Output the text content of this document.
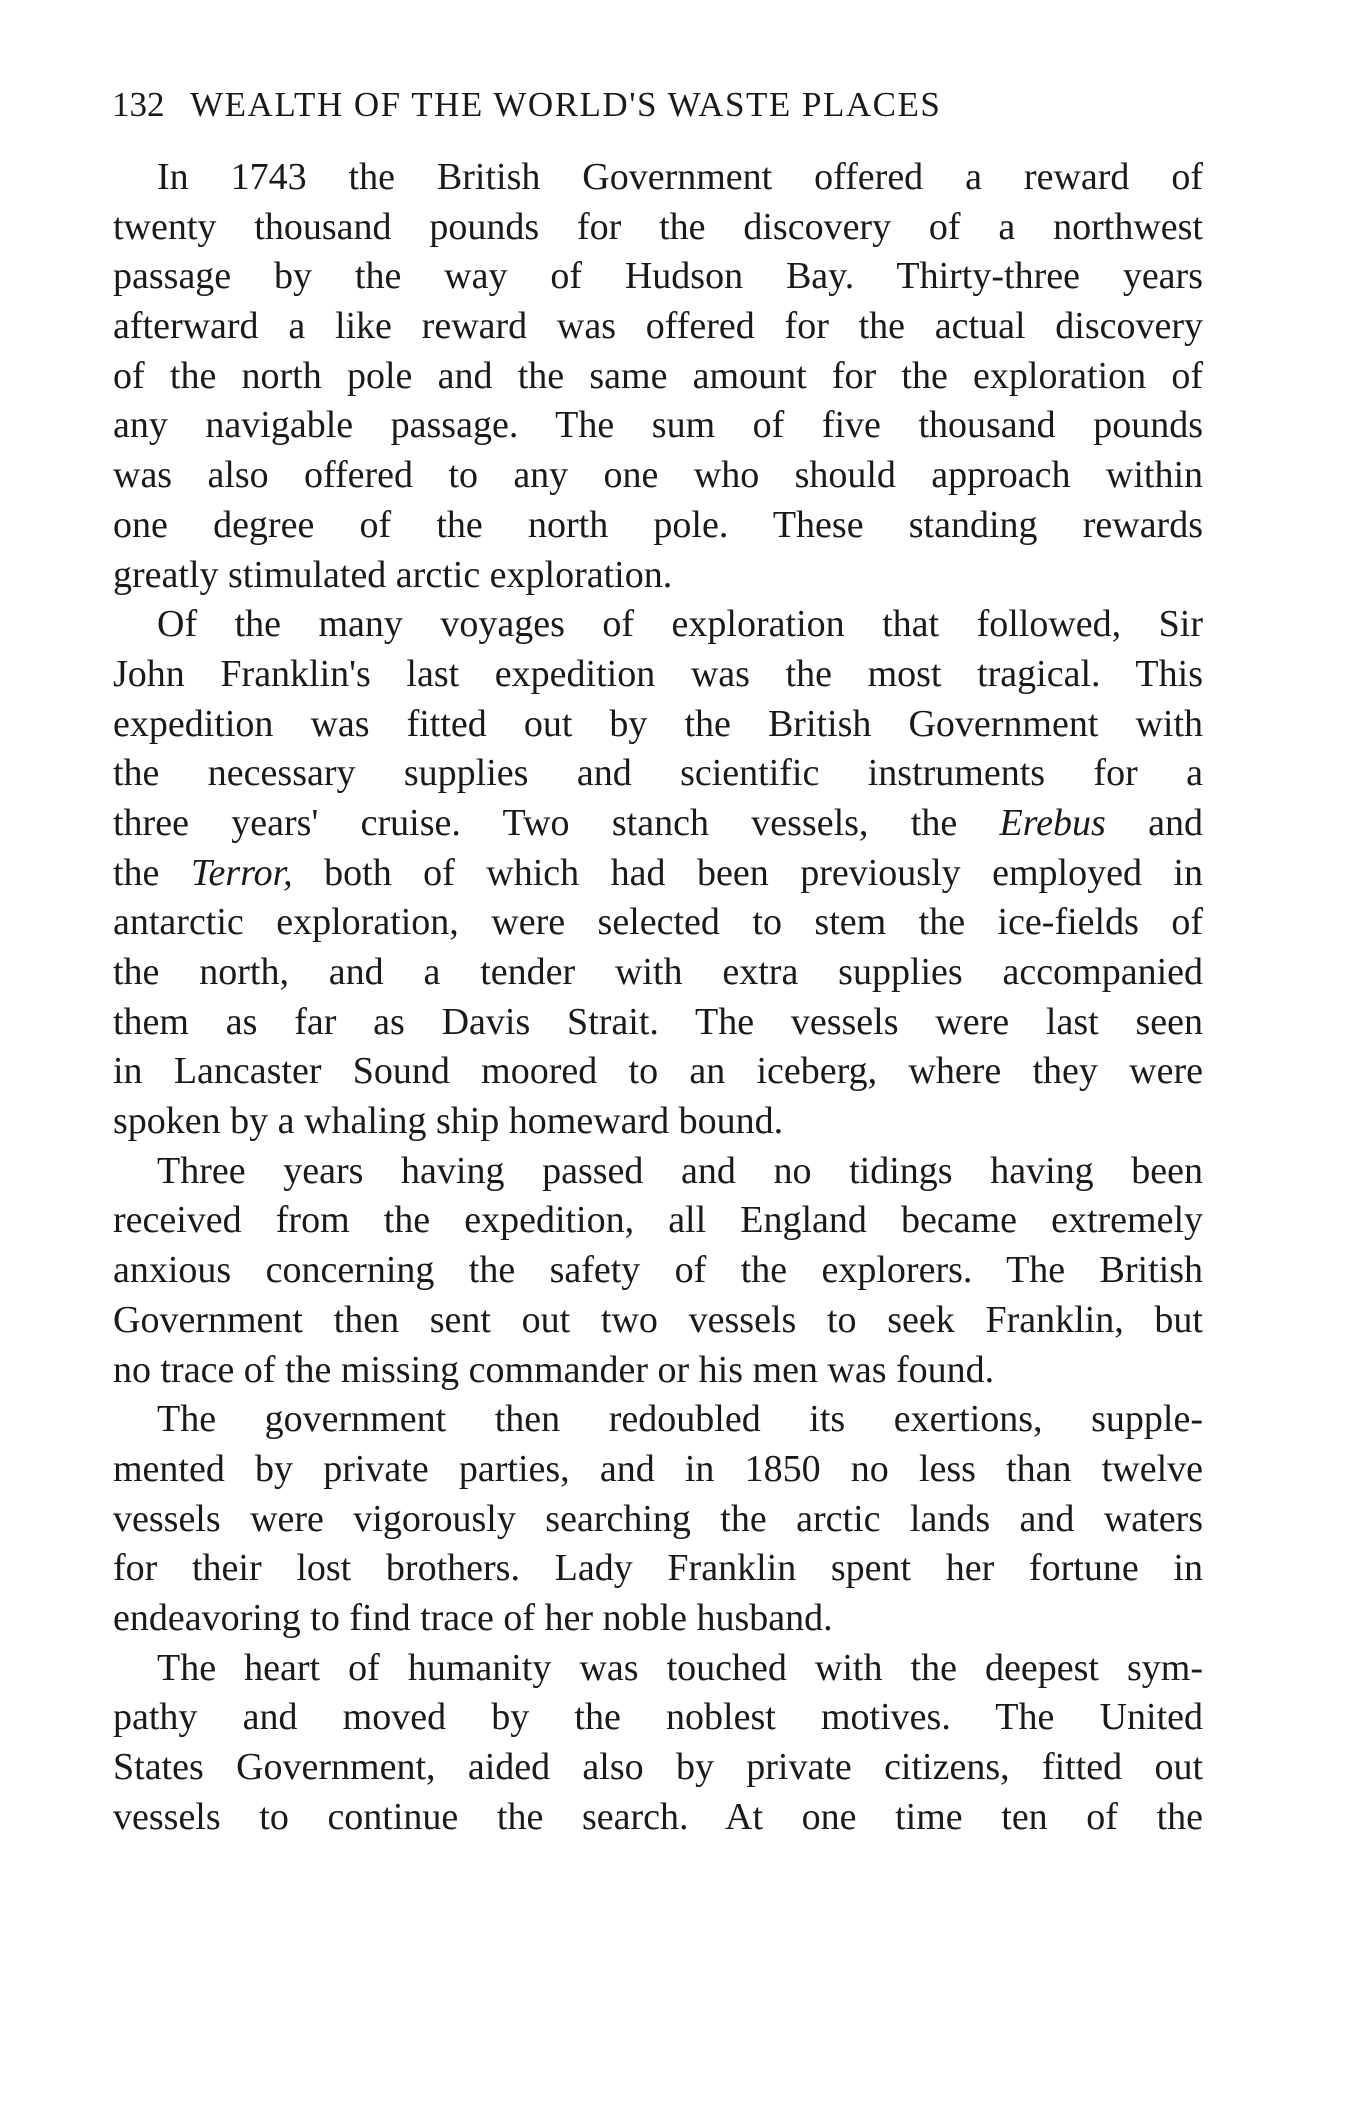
132 WEALTH OF THE WORLD'S WASTE PLACES

In 1743 the British Government offered a reward of
twenty thousand pounds for the discovery of a northwest
passage by the way of Hudson Bay. Thirty-three years
afterward a like reward was offered for the actual discovery
of the north pole and the same amount for the exploration of
any navigable passage. The sum of five thousand pounds
was also offered to any one who should approach within
one degree of the north pole. These standing rewards
greatly stimulated arctic exploration.

Of the many voyages of exploration that followed, Sir
John Franklin's last expedition was the most tragical. This
expedition was fitted out by the British Government with
the necessary supplies and scientific instruments for a
three years' cruise. Two stanch vessels, the Erebus and
the Terror, both of which had been previously employed in
antarctic exploration, were selected to stem the ice-fields of
the north, and a tender with extra supplies accompanied
them as far as Davis Strait. The vessels were last seen
in Lancaster Sound moored to an iceberg, where they were
spoken by a whaling ship homeward bound.

Three years having passed and no tidings having been
received from the expedition, all England became extremely
anxious concerning the safety of the explorers. The British
Government then sent out two vessels to seek Franklin, but
no trace of the missing commander or his men was found.

The government then redoubled its exertions, supple-
mented by private parties, and in 1850 no less than twelve
vessels were vigorously searching the arctic lands and waters
for their lost brothers. Lady Franklin spent her fortune in
endeavoring to find trace of her noble husband.

The heart of humanity was touched with the deepest sym-
pathy and moved by the noblest motives. The United
States Government, aided also by private citizens, fitted out
vessels to continue the search. At one time ten of the
